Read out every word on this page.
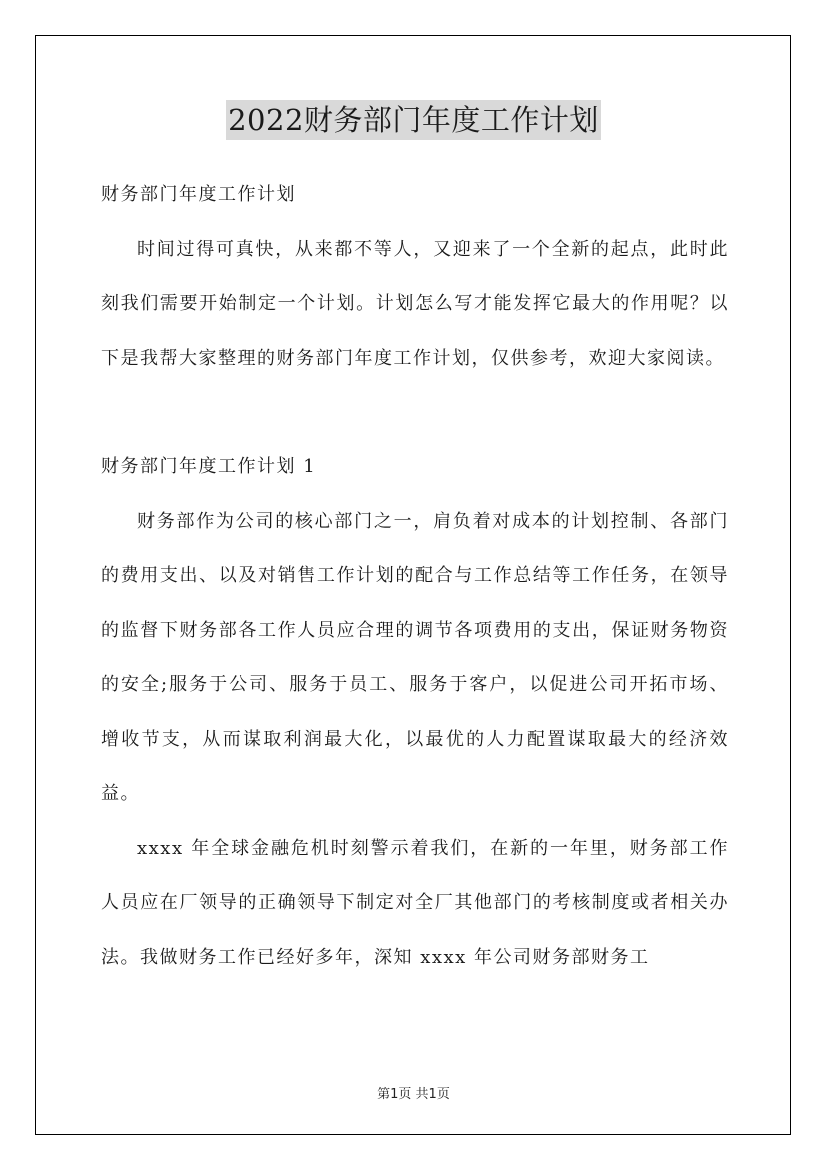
2022财务部门年度工作计划

财务部门年度工作计划

时间过得可真快，从来都不等人，又迎来了一个全新的起点，此时此刻我们需要开始制定一个计划。计划怎么写才能发挥它最大的作用呢？以下是我帮大家整理的财务部门年度工作计划，仅供参考，欢迎大家阅读。

财务部门年度工作计划 1

财务部作为公司的核心部门之一，肩负着对成本的计划控制、各部门的费用支出、以及对销售工作计划的配合与工作总结等工作任务，在领导的监督下财务部各工作人员应合理的调节各项费用的支出，保证财务物资的安全;服务于公司、服务于员工、服务于客户，以促进公司开拓市场、增收节支，从而谋取利润最大化，以最优的人力配置谋取最大的经济效益。

xxxx 年全球金融危机时刻警示着我们，在新的一年里，财务部工作人员应在厂领导的正确领导下制定对全厂其他部门的考核制度或者相关办法。我做财务工作已经好多年，深知 xxxx 年公司财务部财务工

第1页 共1页
